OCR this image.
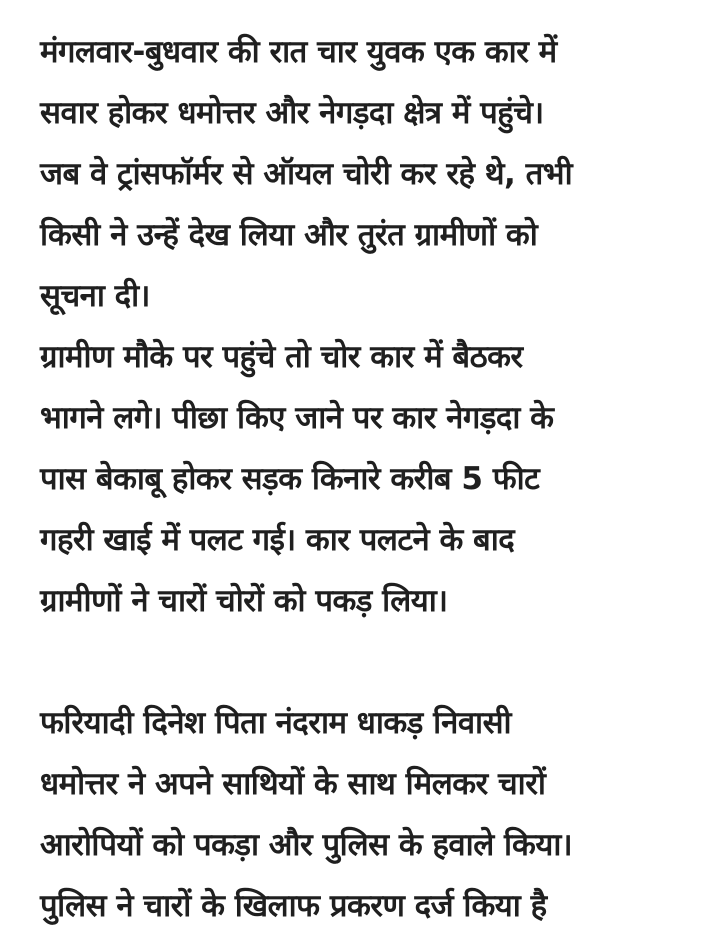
मंगलवार-बुधवार की रात चार युवक एक कार में
सवार होकर धमोत्तर और नेगड़दा क्षेत्र में पहुंचे।
जब वे ट्रांसफॉर्मर से ऑयल चोरी कर रहे थे, तभी
किसी ने उन्हें देख लिया और तुरंत ग्रामीणों को
सूचना दी।
ग्रामीण मौके पर पहुंचे तो चोर कार में बैठकर
भागने लगे। पीछा किए जाने पर कार नेगड़दा के
पास बेकाबू होकर सड़क किनारे करीब 5 फीट
गहरी खाई में पलट गई। कार पलटने के बाद
ग्रामीणों ने चारों चोरों को पकड़ लिया।
फरियादी दिनेश पिता नंदराम धाकड़ निवासी
धमोत्तर ने अपने साथियों के साथ मिलकर चारों
आरोपियों को पकड़ा और पुलिस के हवाले किया।
पुलिस ने चारों के खिलाफ प्रकरण दर्ज किया है
